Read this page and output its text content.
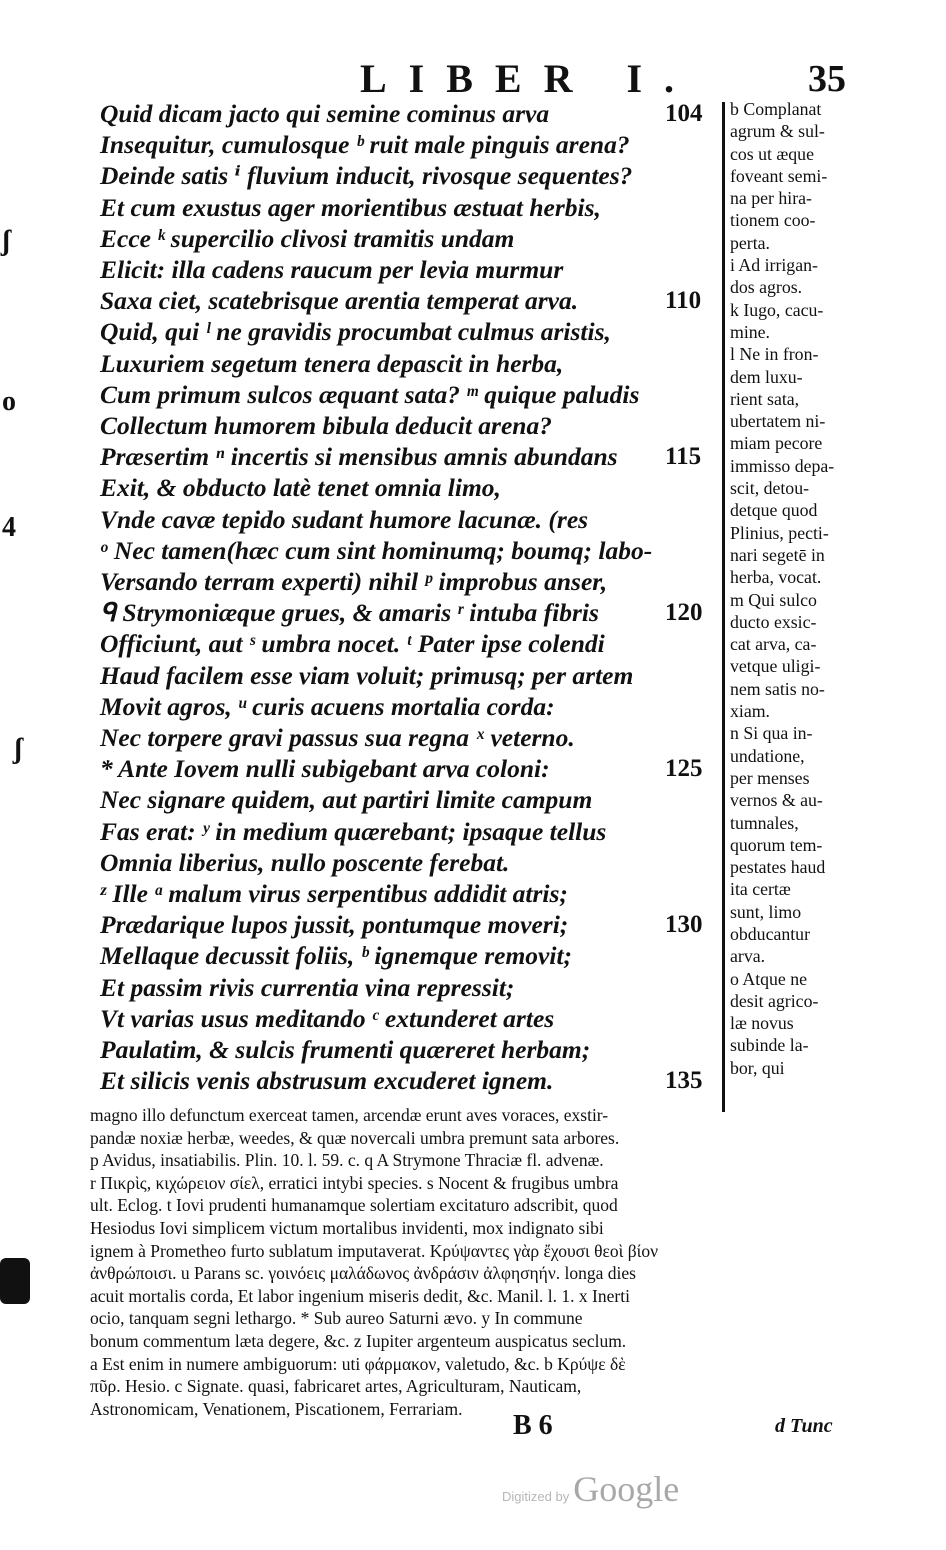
LIBER I.	35
ʃ
o
4
ʃ
Quid dicam jacto qui semine cominus arva	104
Insequitur, cumulosque ᵇ ruit male pinguis arena?
Deinde satis ⁱ fluvium inducit, rivosque sequentes?
Et cum exustus ager morientibus æstuat herbis,
Ecce ᵏ supercilio clivosi tramitis undam
Elicit: illa cadens raucum per levia murmur
Saxa ciet, scatebrisque arentia temperat arva.	110
Quid, qui ˡ ne gravidis procumbat culmus aristis,
Luxuriem segetum tenera depascit in herba,
Cum primum sulcos æquant sata? ᵐ quique paludis
Collectum humorem bibula deducit arena?
Præsertim ⁿ incertis si mensibus amnis abundans 115
Exit, & obducto latè tenet omnia limo,
Vnde cavæ tepido sudant humore lacunæ. (res
ᵒ Nec tamen(hæc cum sint hominumq; boumq; labo-
Versando terram experti) nihil ᵖ improbus anser,
ᑫ Strymoniæque grues, & amaris ʳ intuba fibris	120
Officiunt, aut ˢ umbra nocet. ᵗ Pater ipse colendi
Haud facilem esse viam voluit; primusq; per artem
Movit agros, ᵘ curis acuens mortalia corda:
Nec torpere gravi passus sua regna ˣ veterno.
* Ante Iovem nulli subigebant arva coloni:	125
Nec signare quidem, aut partiri limite campum
Fas erat: ʸ in medium quærebant; ipsaque tellus
Omnia liberius, nullo poscente ferebat.
ᶻ Ille ᵃ malum virus serpentibus addidit atris;
Prædarique lupos jussit, pontumque moveri;	130
Mellaque decussit foliis, ᵇ ignemque removit;
Et passim rivis currentia vina repressit;
Vt varias usus meditando ᶜ extunderet artes
Paulatim, & sulcis frumenti quæreret herbam;
Et silicis venis abstrusum excuderet ignem.	135
b Complanat
agrum & sul-
cos ut æque
foveant semi-
na per hira-
tionem coo-
perta.
i Ad irrigan-
dos agros.
k Iugo, cacu-
mine.
l Ne in fron-
dem luxu-
rient sata,
ubertatem ni-
miam pecore
immisso depa-
scit, detou-
detque quod
Plinius, pecti-
nari segetē in
herba, vocat.
m Qui sulco
ducto exsic-
cat arva, ca-
vetque uligi-
nem satis no-
xiam.
n Si qua in-
undatione,
per menses
vernos & au-
tumnales,
quorum tem-
pestates haud
ita certæ
sunt, limo
obducantur
arva.
o Atque ne
desit agrico-
læ novus
subinde la-
bor, qui
magno illo defunctum exerceat tamen, arcendæ erunt aves voraces, exstir-
pandæ noxiæ herbæ, weedes, & quæ novercali umbra premunt sata arbores.
p Avidus, insatiabilis. Plin. 10. l. 59. c. q A Strymone Thraciæ fl. advenæ.
r Πικρὶς, κιχώρειον σίελ, erratici intybi species. s Nocent & frugibus umbra
ult. Eclog. t Iovi prudenti humanamque solertiam excitaturo adscribit, quod
Hesiodus Iovi simplicem victum mortalibus invidenti, mox indignato sibi
ignem à Prometheo furto sublatum imputaverat. Κρύψαντες γὰρ ἔχουσι θεοὶ βίον
ἀνθρώποισι. u Parans sc. γοινόεις μαλάδωνος ἀνδράσιν ἀλφησηήν. longa dies
acuit mortalis corda, Et labor ingenium miseris dedit, &c. Manil. l. 1. x Inerti
ocio, tanquam segni lethargo. * Sub aureo Saturni ævo. y In commune
bonum commentum læta degere, &c. z Iupiter argenteum auspicatus seclum.
a Est enim in numere ambiguorum: uti φάρμακον, valetudo, &c. b Κρύψε δὲ
πῦρ. Hesio. c Signate. quasi, fabricaret artes, Agriculturam, Nauticam,
Astronomicam, Venationem, Piscationem, Ferrariam.
B 6	d Tunc
Digitized by Google
